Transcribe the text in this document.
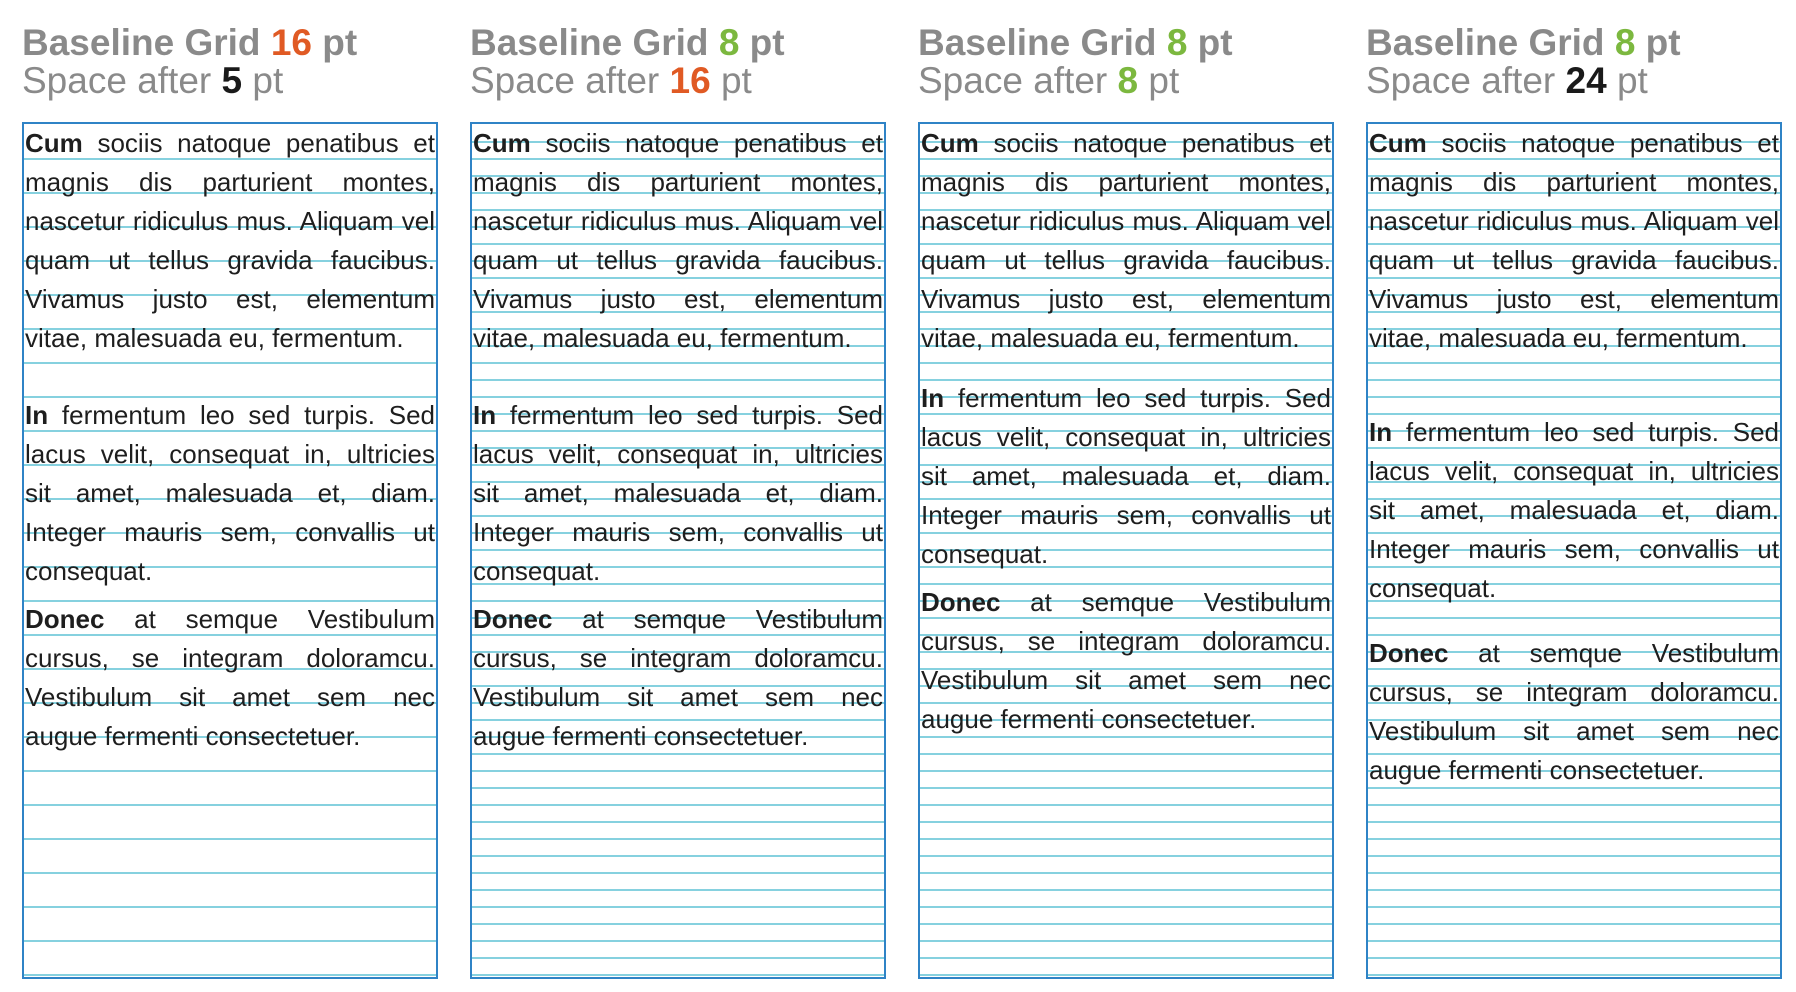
Baseline Grid 16 pt
Space after 5 pt
Cum sociis natoque penatibus et magnis dis parturient montes, nascetur ridiculus mus. Aliquam vel quam ut tellus gravida faucibus. Vivamus justo est, elementum vitae, malesuada eu, fermentum.
In fermentum leo sed turpis. Sed lacus velit, consequat in, ultricies sit amet, malesuada et, diam. Integer mauris sem, convallis ut consequat.
Donec at semque Vestibulum cursus, se integram doloramcu. Vestibulum sit amet sem nec augue fermenti consectetuer.
Baseline Grid 8 pt
Space after 16 pt
Cum sociis natoque penatibus et magnis dis parturient montes, nascetur ridiculus mus. Aliquam vel quam ut tellus gravida faucibus. Vivamus justo est, elementum vitae, malesuada eu, fermentum.
In fermentum leo sed turpis. Sed lacus velit, consequat in, ultricies sit amet, malesuada et, diam. Integer mauris sem, convallis ut consequat.
Donec at semque Vestibulum cursus, se integram doloramcu. Vestibulum sit amet sem nec augue fermenti consectetuer.
Baseline Grid 8 pt
Space after 8 pt
Cum sociis natoque penatibus et magnis dis parturient montes, nascetur ridiculus mus. Aliquam vel quam ut tellus gravida faucibus. Vivamus justo est, elementum vitae, malesuada eu, fermentum.
In fermentum leo sed turpis. Sed lacus velit, consequat in, ultricies sit amet, malesuada et, diam. Integer mauris sem, convallis ut consequat.
Donec at semque Vestibulum cursus, se integram doloramcu. Vestibulum sit amet sem nec augue fermenti consectetuer.
Baseline Grid 8 pt
Space after 24 pt
Cum sociis natoque penatibus et magnis dis parturient montes, nascetur ridiculus mus. Aliquam vel quam ut tellus gravida faucibus. Vivamus justo est, elementum vitae, malesuada eu, fermentum.
In fermentum leo sed turpis. Sed lacus velit, consequat in, ultricies sit amet, malesuada et, diam. Integer mauris sem, convallis ut consequat.
Donec at semque Vestibulum cursus, se integram doloramcu. Vestibulum sit amet sem nec augue fermenti consectetuer.
